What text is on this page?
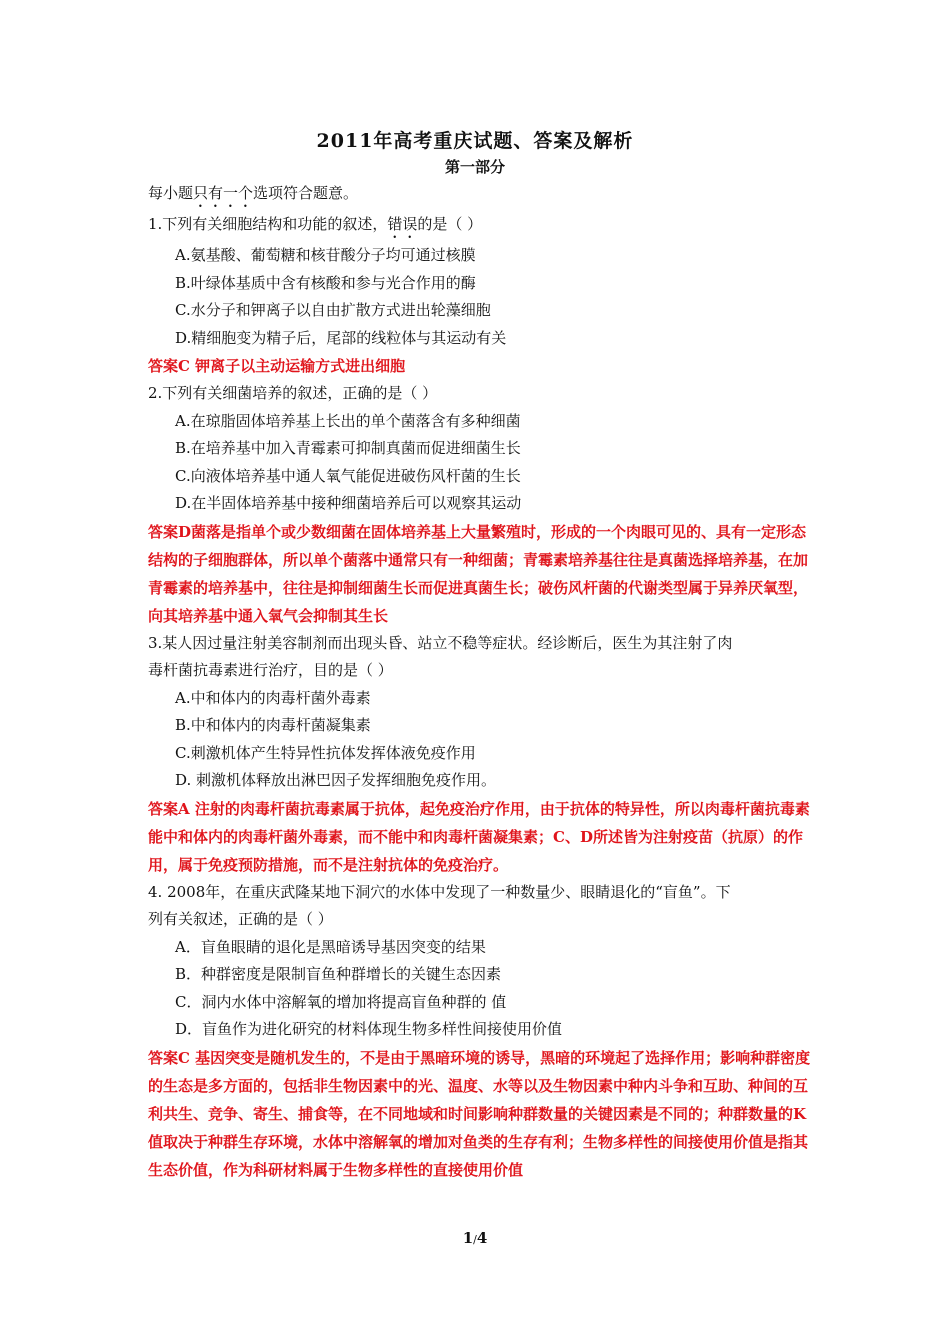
2011年高考重庆试题、答案及解析
第一部分
每小题只有一个选项符合题意。
1.下列有关细胞结构和功能的叙述，错误的是（ ）
A.氨基酸、葡萄糖和核苷酸分子均可通过核膜
B.叶绿体基质中含有核酸和参与光合作用的酶
C.水分子和钾离子以自由扩散方式进出轮藻细胞
D.精细胞变为精子后，尾部的线粒体与其运动有关
答案C 钾离子以主动运输方式进出细胞
2.下列有关细菌培养的叙述，正确的是（ ）
A.在琼脂固体培养基上长出的单个菌落含有多种细菌
B.在培养基中加入青霉素可抑制真菌而促进细菌生长
C.向液体培养基中通人氧气能促进破伤风杆菌的生长
D.在半固体培养基中接种细菌培养后可以观察其运动
答案D菌落是指单个或少数细菌在固体培养基上大量繁殖时，形成的一个肉眼可见的、具有一定形态结构的子细胞群体，所以单个菌落中通常只有一种细菌；青霉素培养基往往是真菌选择培养基，在加青霉素的培养基中，往往是抑制细菌生长而促进真菌生长；破伤风杆菌的代谢类型属于异养厌氧型，向其培养基中通入氧气会抑制其生长
3.某人因过量注射美容制剂而出现头昏、站立不稳等症状。经诊断后，医生为其注射了肉
毒杆菌抗毒素进行治疗，目的是（ ）
A.中和体内的肉毒杆菌外毒素
B.中和体内的肉毒杆菌凝集素
C.刺激机体产生特异性抗体发挥体液免疫作用
D. 刺激机体释放出淋巴因子发挥细胞免疫作用。
答案A 注射的肉毒杆菌抗毒素属于抗体，起免疫治疗作用，由于抗体的特异性，所以肉毒杆菌抗毒素能中和体内的肉毒杆菌外毒素，而不能中和肉毒杆菌凝集素；C、D所述皆为注射疫苗（抗原）的作用，属于免疫预防措施，而不是注射抗体的免疫治疗。
4. 2008年，在重庆武隆某地下洞穴的水体中发现了一种数量少、眼睛退化的“盲鱼”。下
列有关叙述，正确的是（ ）
A．盲鱼眼睛的退化是黑暗诱导基因突变的结果
B．种群密度是限制盲鱼种群增长的关键生态因素
C．洞内水体中溶解氧的增加将提高盲鱼种群的 值
D．盲鱼作为进化研究的材料体现生物多样性间接使用价值
答案C 基因突变是随机发生的，不是由于黑暗环境的诱导，黑暗的环境起了选择作用；影响种群密度的生态是多方面的，包括非生物因素中的光、温度、水等以及生物因素中种内斗争和互助、种间的互利共生、竞争、寄生、捕食等，在不同地域和时间影响种群数量的关键因素是不同的；种群数量的K值取决于种群生存环境，水体中溶解氧的增加对鱼类的生存有利；生物多样性的间接使用价值是指其生态价值，作为科研材料属于生物多样性的直接使用价值
1/4
